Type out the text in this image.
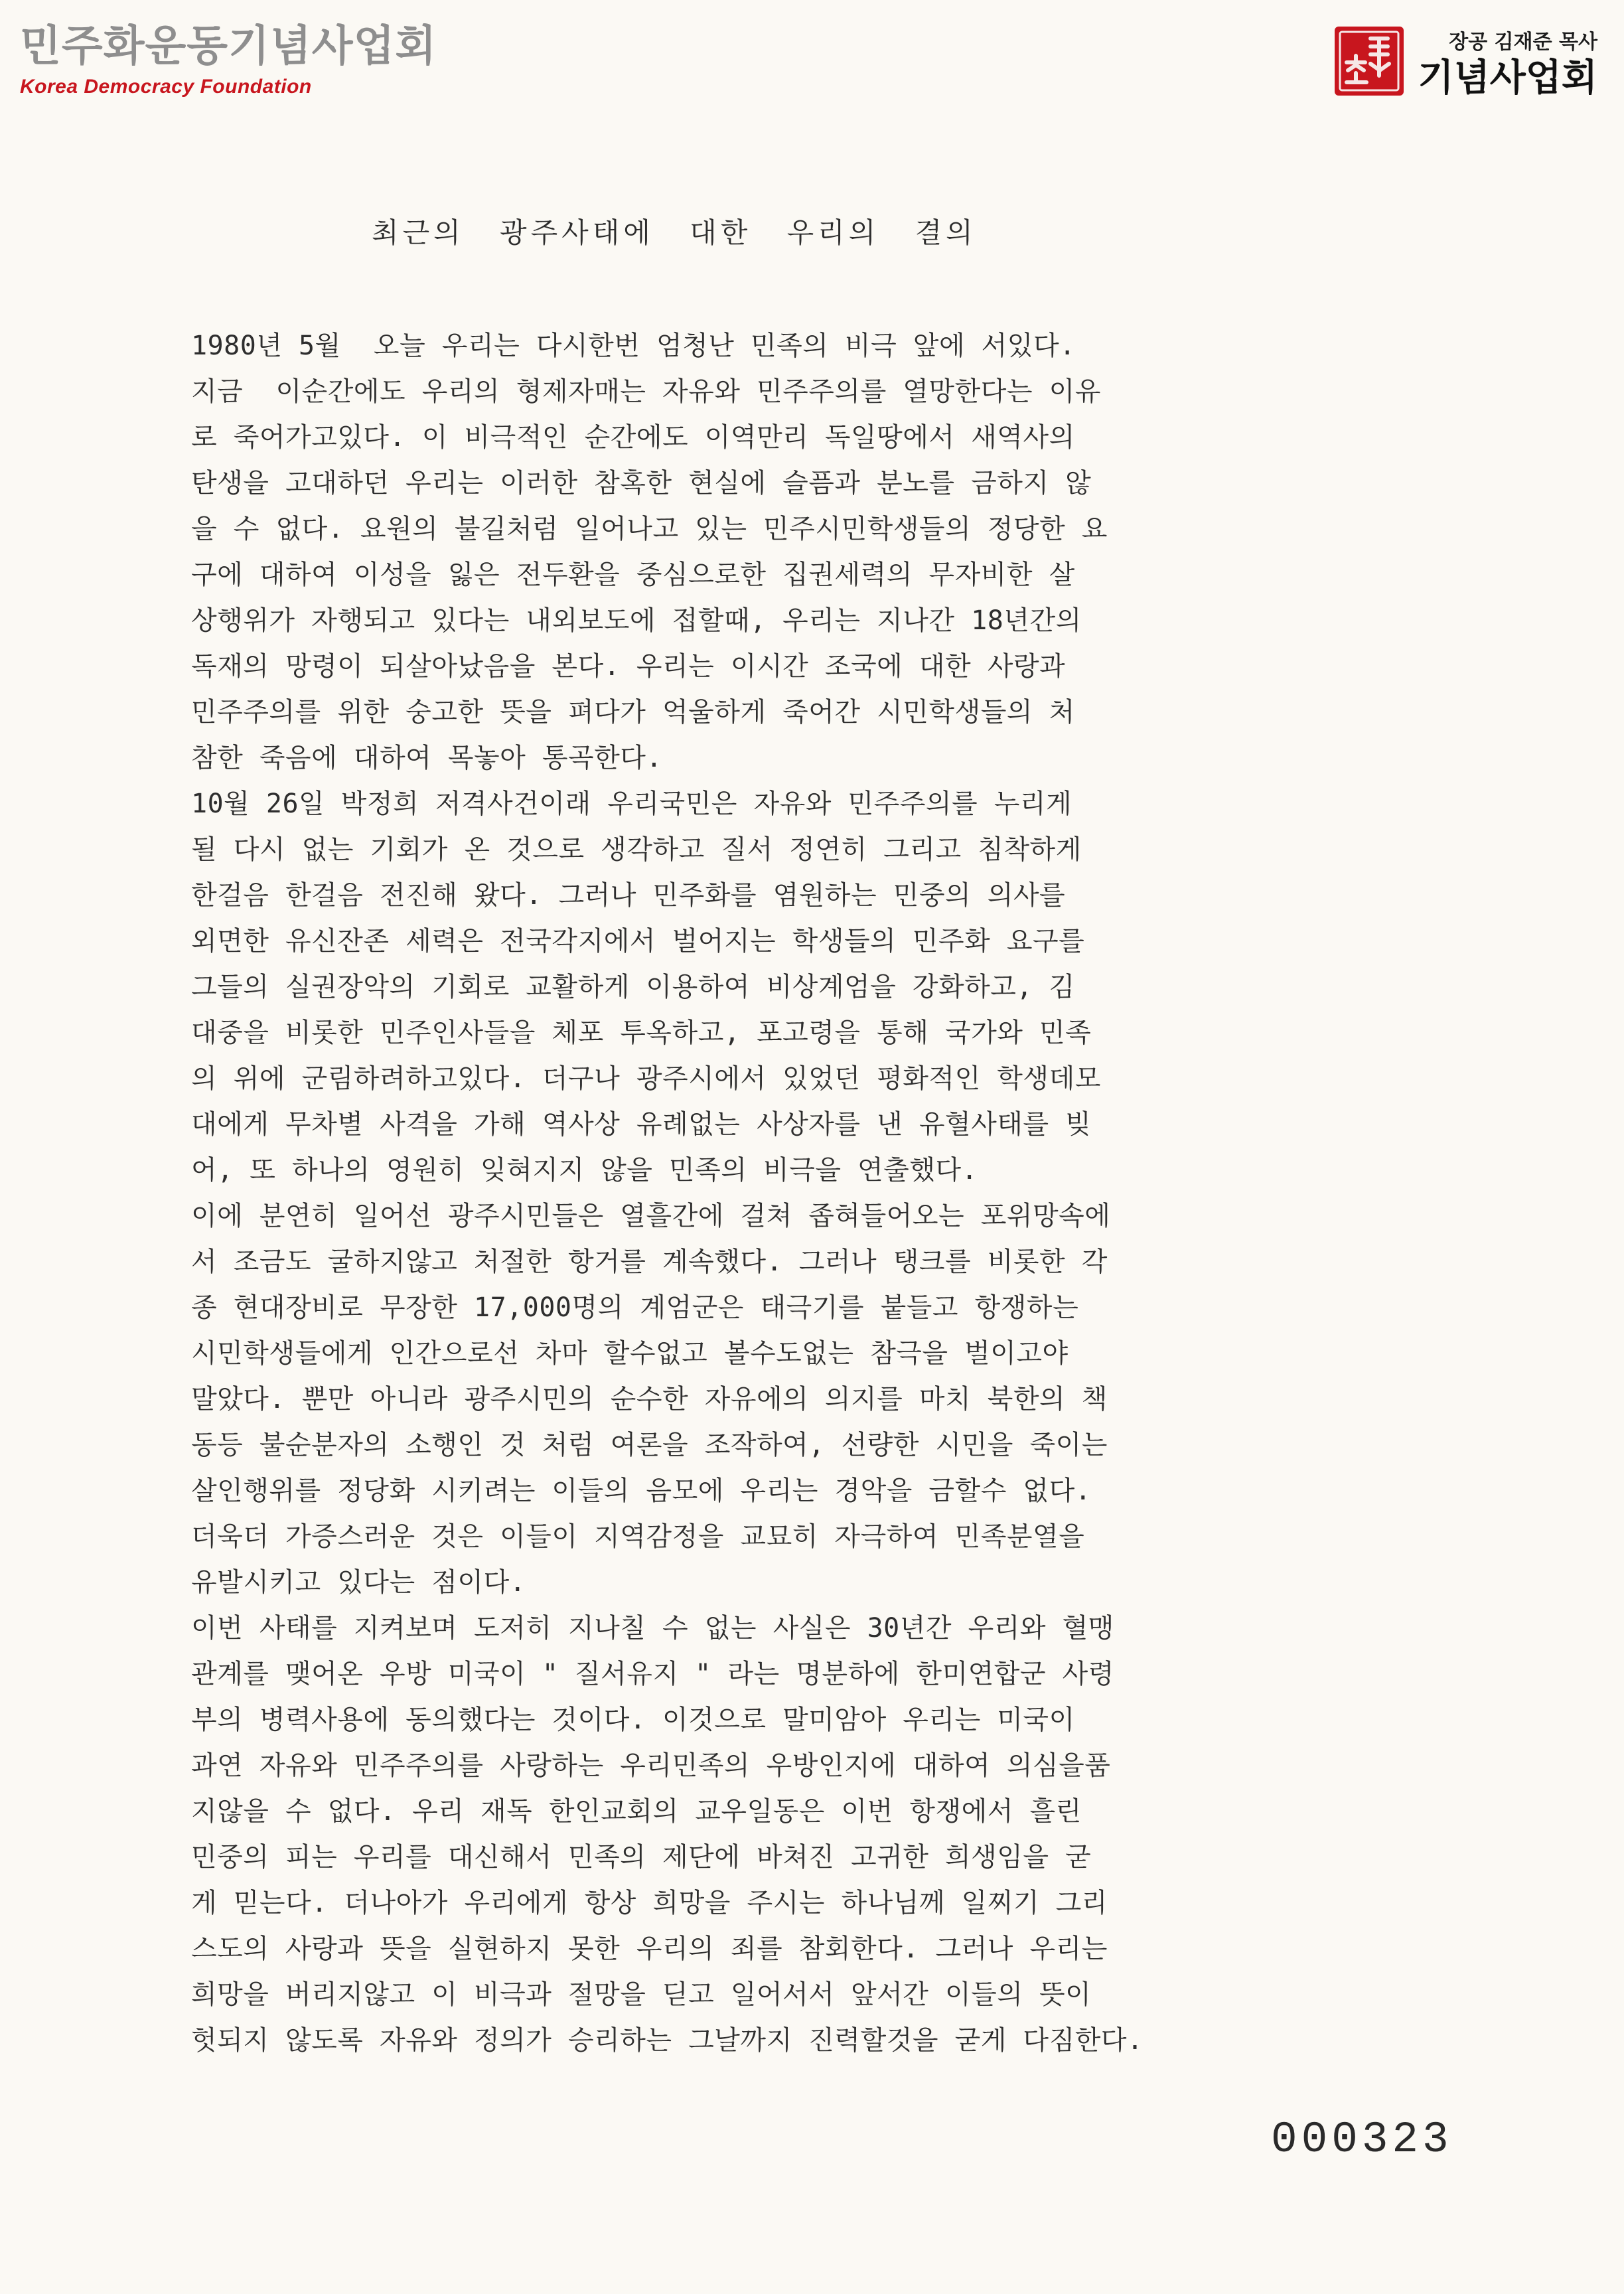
민주화운동기념사업회
Korea Democracy Foundation
장공 김재준 목사
기념사업회
최근의 광주사태에 대한 우리의 결의
1980년 5월  오늘 우리는 다시한번 엄청난 민족의 비극 앞에 서있다.
지금  이순간에도 우리의 형제자매는 자유와 민주주의를 열망한다는 이유
로 죽어가고있다. 이 비극적인 순간에도 이역만리 독일땅에서 새역사의
탄생을 고대하던 우리는 이러한 참혹한 현실에 슬픔과 분노를 금하지 않
을 수 없다. 요원의 불길처럼 일어나고 있는 민주시민학생들의 정당한 요
구에 대하여 이성을 잃은 전두환을 중심으로한 집권세력의 무자비한 살
상행위가 자행되고 있다는 내외보도에 접할때, 우리는 지나간 18년간의
독재의 망령이 되살아났음을 본다. 우리는 이시간 조국에 대한 사랑과
민주주의를 위한 숭고한 뜻을 펴다가 억울하게 죽어간 시민학생들의 처
참한 죽음에 대하여 목놓아 통곡한다.
10월 26일 박정희 저격사건이래 우리국민은 자유와 민주주의를 누리게
될 다시 없는 기회가 온 것으로 생각하고 질서 정연히 그리고 침착하게
한걸음 한걸음 전진해 왔다. 그러나 민주화를 염원하는 민중의 의사를
외면한 유신잔존 세력은 전국각지에서 벌어지는 학생들의 민주화 요구를
그들의 실권장악의 기회로 교활하게 이용하여 비상계엄을 강화하고, 김
대중을 비롯한 민주인사들을 체포 투옥하고, 포고령을 통해 국가와 민족
의 위에 군림하려하고있다. 더구나 광주시에서 있었던 평화적인 학생데모
대에게 무차별 사격을 가해 역사상 유례없는 사상자를 낸 유혈사태를 빚
어, 또 하나의 영원히 잊혀지지 않을 민족의 비극을 연출했다.
이에 분연히 일어선 광주시민들은 열흘간에 걸쳐 좁혀들어오는 포위망속에
서 조금도 굴하지않고 처절한 항거를 계속했다. 그러나 탱크를 비롯한 각
종 현대장비로 무장한 17,000명의 계엄군은 태극기를 붙들고 항쟁하는
시민학생들에게 인간으로선 차마 할수없고 볼수도없는 참극을 벌이고야
말았다. 뿐만 아니라 광주시민의 순수한 자유에의 의지를 마치 북한의 책
동등 불순분자의 소행인 것 처럼 여론을 조작하여, 선량한 시민을 죽이는
살인행위를 정당화 시키려는 이들의 음모에 우리는 경악을 금할수 없다.
더욱더 가증스러운 것은 이들이 지역감정을 교묘히 자극하여 민족분열을
유발시키고 있다는 점이다.
이번 사태를 지켜보며 도저히 지나칠 수 없는 사실은 30년간 우리와 혈맹
관계를 맺어온 우방 미국이 " 질서유지 " 라는 명분하에 한미연합군 사령
부의 병력사용에 동의했다는 것이다. 이것으로 말미암아 우리는 미국이
과연 자유와 민주주의를 사랑하는 우리민족의 우방인지에 대하여 의심을품
지않을 수 없다. 우리 재독 한인교회의 교우일동은 이번 항쟁에서 흘린
민중의 피는 우리를 대신해서 민족의 제단에 바쳐진 고귀한 희생임을 굳
게 믿는다. 더나아가 우리에게 항상 희망을 주시는 하나님께 일찌기 그리
스도의 사랑과 뜻을 실현하지 못한 우리의 죄를 참회한다. 그러나 우리는
희망을 버리지않고 이 비극과 절망을 딛고 일어서서 앞서간 이들의 뜻이
헛되지 않도록 자유와 정의가 승리하는 그날까지 진력할것을 굳게 다짐한다.
000323
